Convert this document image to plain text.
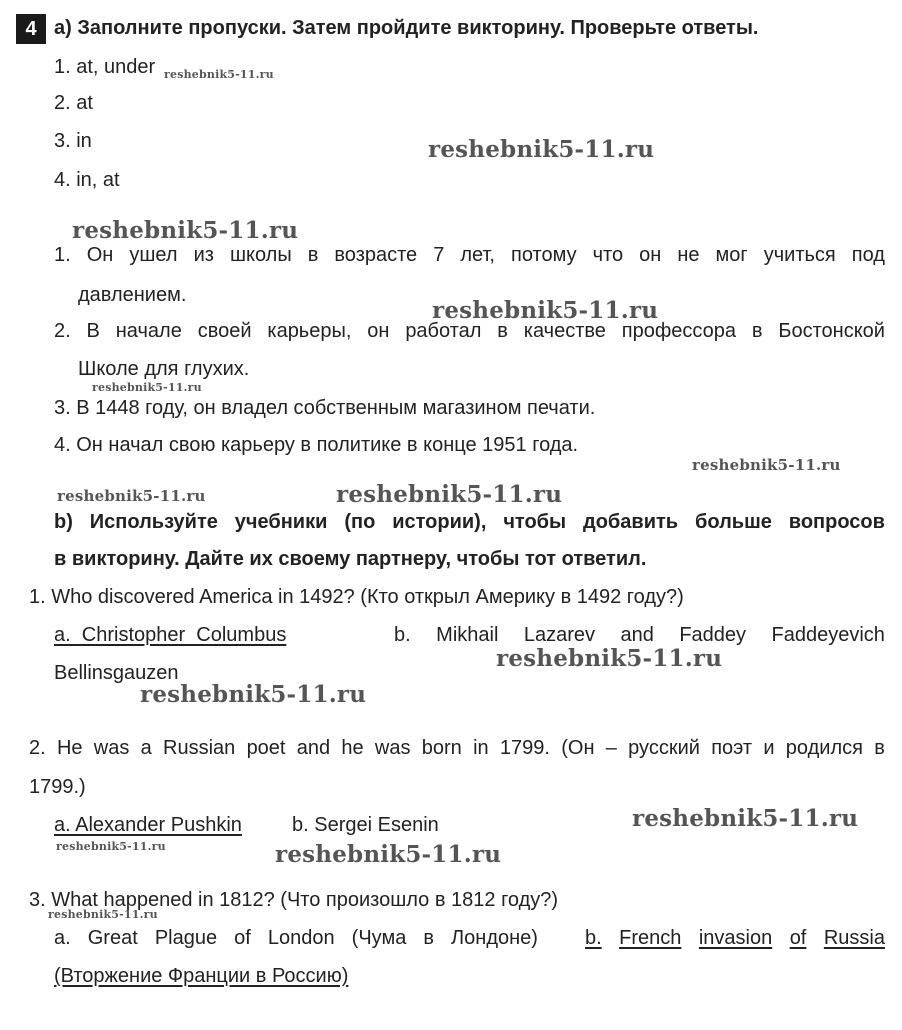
4 a) Заполните пропуски. Затем пройдите викторину. Проверьте ответы.
1. at, under
2. at
3. in
4. in, at
1. Он ушел из школы в возрасте 7 лет, потому что он не мог учиться под
давлением.
2. В начале своей карьеры, он работал в качестве профессора в Бостонской
Школе для глухих.
3. В 1448 году, он владел собственным магазином печати.
4. Он начал свою карьеру в политике в конце 1951 года.
b) Используйте учебники (по истории), чтобы добавить больше вопросов
в викторину. Дайте их своему партнеру, чтобы тот ответил.
1. Who discovered America in 1492? (Кто открыл Америку в 1492 году?)
a.  Christopher  Columbus	b. Mikhail Lazarev and Faddey Faddeyevich
Bellinsgauzen
2. He was a Russian poet and he was born in 1799. (Он – русский поэт и родился в
1799.)
a. Alexander Pushkin	b. Sergei Esenin
3. What happened in 1812? (Что произошло в 1812 году?)
a. Great Plague of London (Чума в Лондоне) b. French invasion of Russia
(Вторжение Франции в Россию)
reshebnik5-11.ru
reshebnik5-11.ru
reshebnik5-11.ru
reshebnik5-11.ru
reshebnik5-11.ru
reshebnik5-11.ru
reshebnik5-11.ru	reshebnik5-11.ru
reshebnik5-11.ru
reshebnik5-11.ru
reshebnik5-11.ru
reshebnik5-11.ru	reshebnik5-11.ru
reshebnik5-11.ru
